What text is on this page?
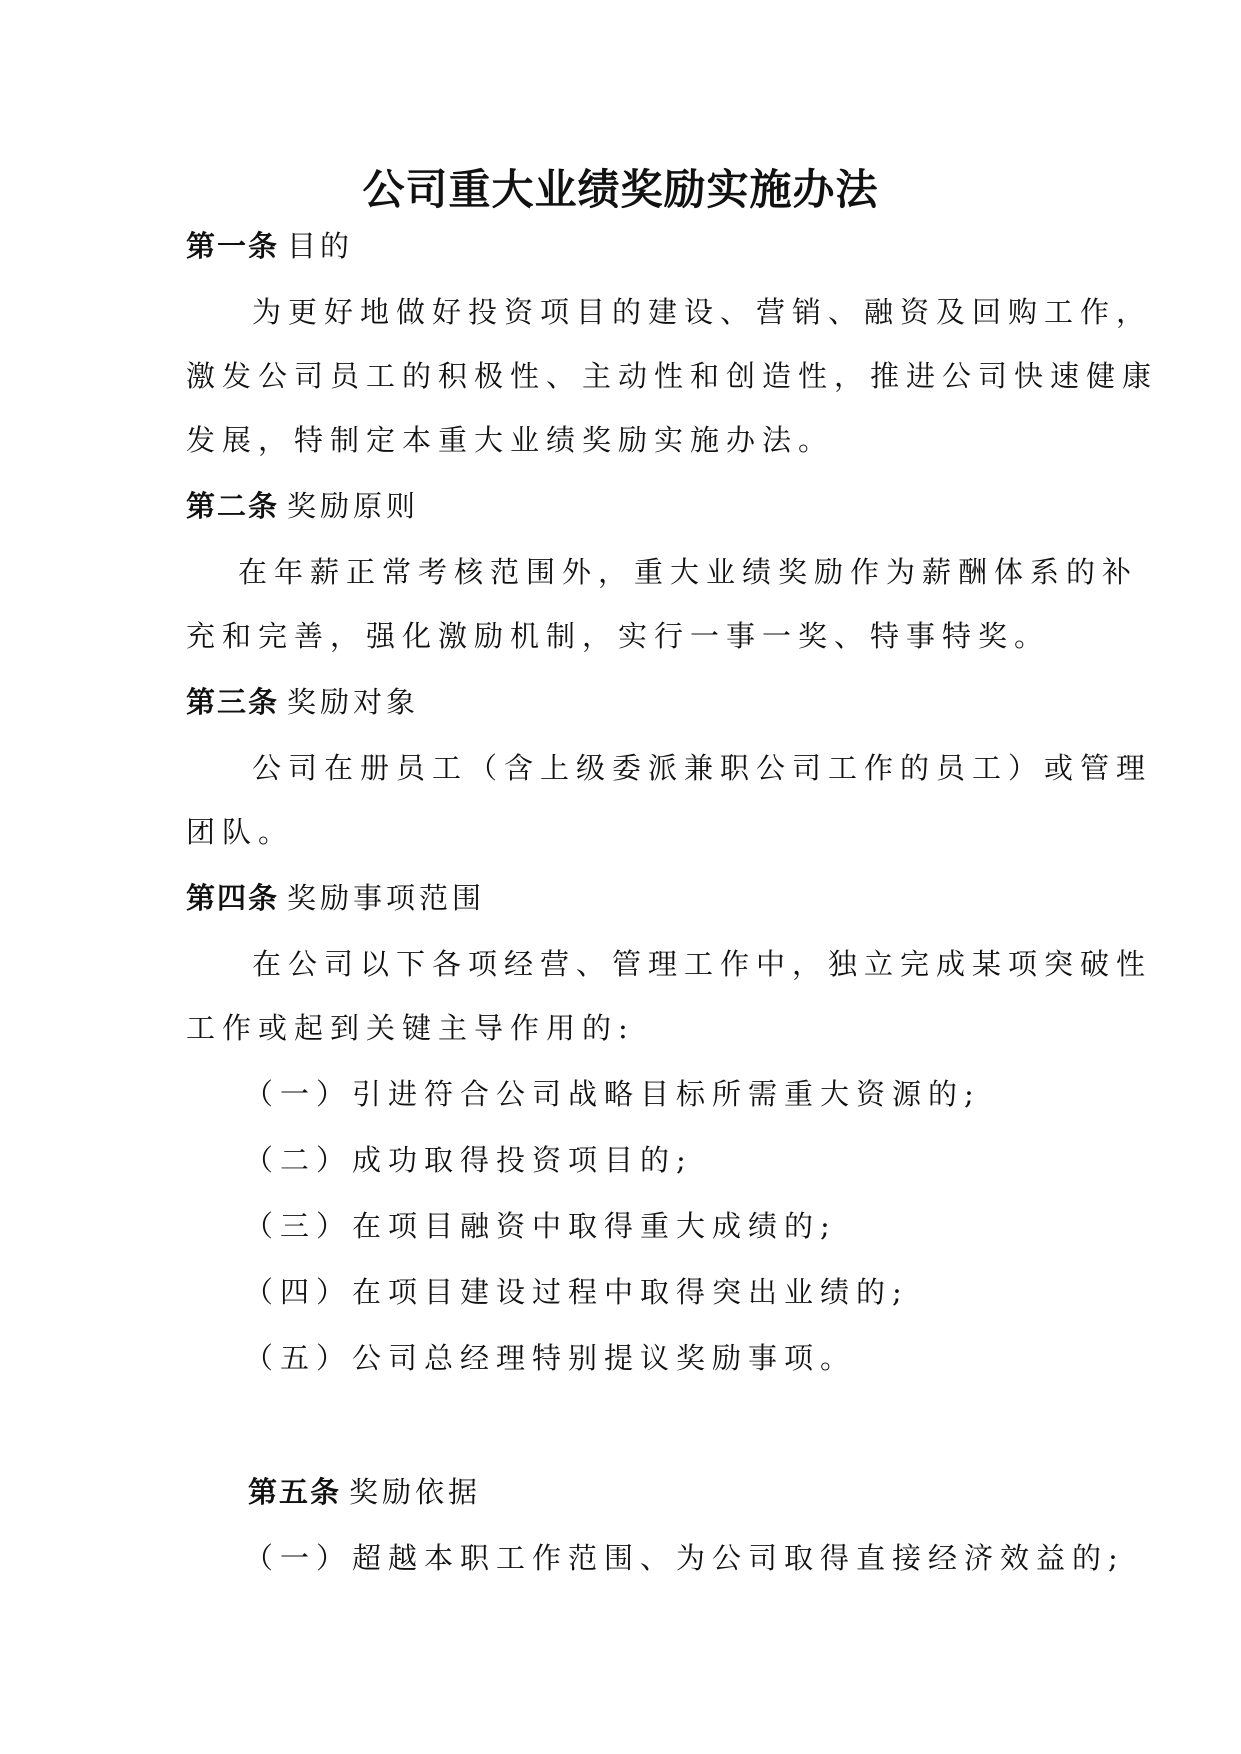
公司重大业绩奖励实施办法
第一条 目的
为更好地做好投资项目的建设、营销、融资及回购工作，
激发公司员工的积极性、主动性和创造性，推进公司快速健康
发展，特制定本重大业绩奖励实施办法。
第二条 奖励原则
在年薪正常考核范围外，重大业绩奖励作为薪酬体系的补
充和完善，强化激励机制，实行一事一奖、特事特奖。
第三条 奖励对象
公司在册员工（含上级委派兼职公司工作的员工）或管理
团队。
第四条 奖励事项范围
在公司以下各项经营、管理工作中，独立完成某项突破性
工作或起到关键主导作用的:
（一）引进符合公司战略目标所需重大资源的;
（二）成功取得投资项目的;
（三）在项目融资中取得重大成绩的;
（四）在项目建设过程中取得突出业绩的;
（五）公司总经理特别提议奖励事项。
第五条 奖励依据
（一）超越本职工作范围、为公司取得直接经济效益的;
